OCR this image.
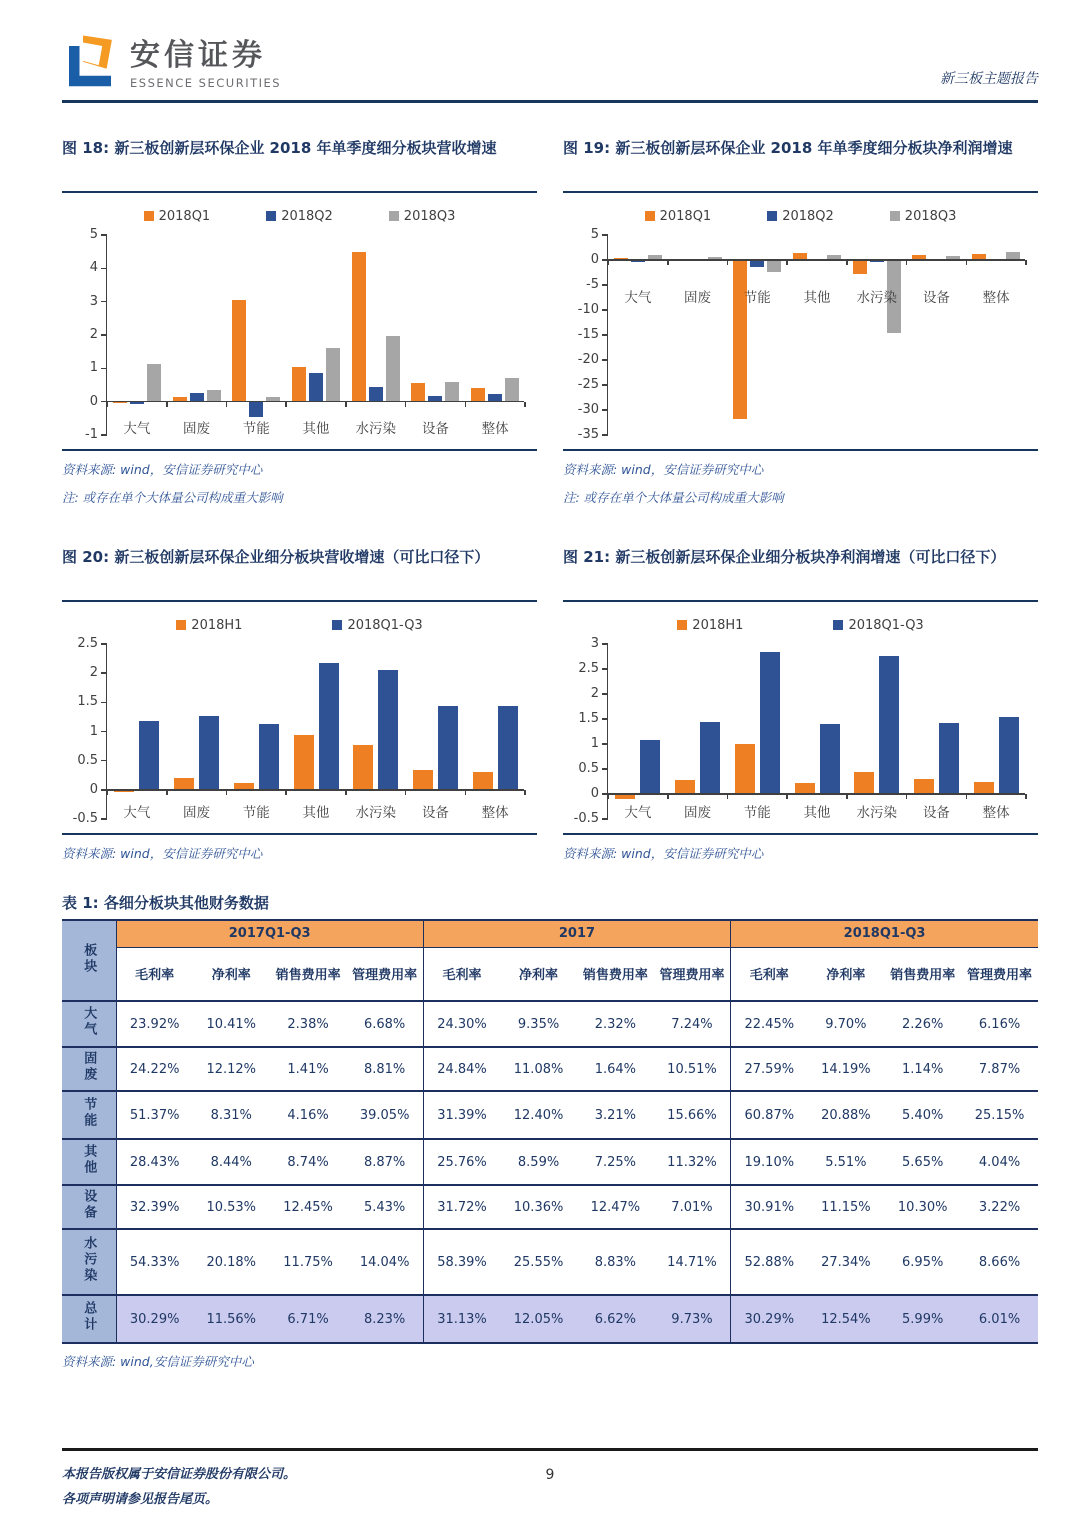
安信证券
ESSENCE SECURITIES	新三板主题报告
图 18: 新三板创新层环保企业 2018 年单季度细分板块营收增速
2018Q1	2018Q2	2018Q3
5
4
3
2
1
0
-1	大气	固废	节能	其他	水污染	设备	整体
资料来源: wind，安信证券研究中心
注: 或存在单个大体量公司构成重大影响
图 19: 新三板创新层环保企业 2018 年单季度细分板块净利润增速
2018Q1	2018Q2	2018Q3
5
0
-5
-10
-15
-20
-25
-30
-35
大气	固废	节能	其他	水污染	设备	整体
资料来源: wind，安信证券研究中心
注: 或存在单个大体量公司构成重大影响
图 20: 新三板创新层环保企业细分板块营收增速（可比口径下）
2018H1	2018Q1-Q3
2.5
2
1.5
1
0.5
0
-0.5	大气	固废	节能	其他	水污染	设备	整体
资料来源: wind，安信证券研究中心
图 21: 新三板创新层环保企业细分板块净利润增速（可比口径下）
2018H1	2018Q1-Q3
3
2.5
2
1.5
1
0.5
0
-0.5	大气	固废	节能	其他	水污染	设备	整体
资料来源: wind，安信证券研究中心
表 1: 各细分板块其他财务数据
板块	2017Q1-Q3				2017				2018Q1-Q3			
	毛利率	净利率	销售费用率	管理费用率	毛利率	净利率	销售费用率	管理费用率	毛利率	净利率	销售费用率	管理费用率
大气	23.92%	10.41%	2.38%	6.68%	24.30%	9.35%	2.32%	7.24%	22.45%	9.70%	2.26%	6.16%
固废	24.22%	12.12%	1.41%	8.81%	24.84%	11.08%	1.64%	10.51%	27.59%	14.19%	1.14%	7.87%
节能	51.37%	8.31%	4.16%	39.05%	31.39%	12.40%	3.21%	15.66%	60.87%	20.88%	5.40%	25.15%
其他	28.43%	8.44%	8.74%	8.87%	25.76%	8.59%	7.25%	11.32%	19.10%	5.51%	5.65%	4.04%
设备	32.39%	10.53%	12.45%	5.43%	31.72%	10.36%	12.47%	7.01%	30.91%	11.15%	10.30%	3.22%
水污染	54.33%	20.18%	11.75%	14.04%	58.39%	25.55%	8.83%	14.71%	52.88%	27.34%	6.95%	8.66%
总计	30.29%	11.56%	6.71%	8.23%	31.13%	12.05%	6.62%	9.73%	30.29%	12.54%	5.99%	6.01%
资料来源: wind,安信证券研究中心
本报告版权属于安信证券股份有限公司。
各项声明请参见报告尾页。
9
